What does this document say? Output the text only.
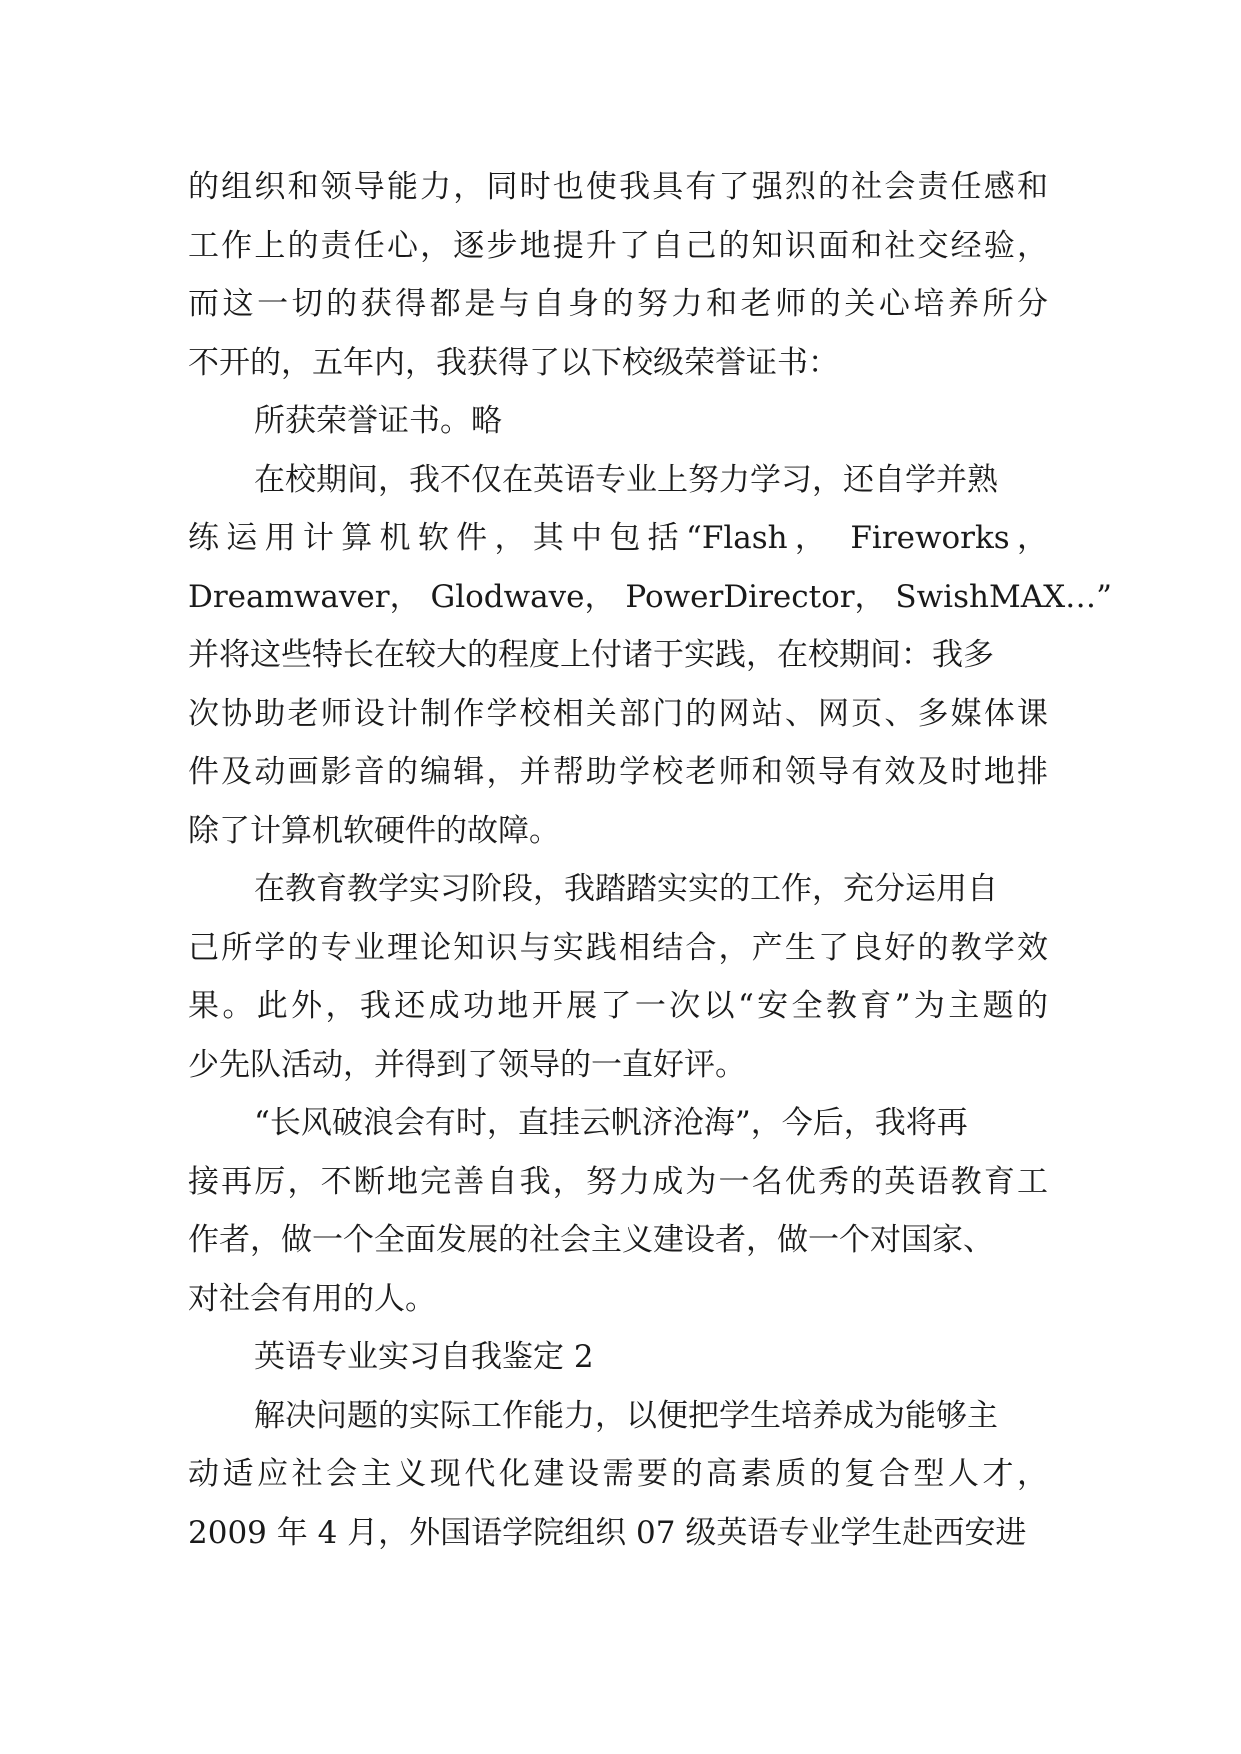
的组织和领导能力，同时也使我具有了强烈的社会责任感和
工作上的责任心，逐步地提升了自己的知识面和社交经验，
而这一切的获得都是与自身的努力和老师的关心培养所分
不开的，五年内，我获得了以下校级荣誉证书：
所获荣誉证书。略
在校期间，我不仅在英语专业上努力学习，还自学并熟
练运用计算机软件，其中包括“Flash， Fireworks，
Dreamwaver， Glodwave， PowerDirector， SwishMAX…”
并将这些特长在较大的程度上付诸于实践，在校期间：我多
次协助老师设计制作学校相关部门的网站、网页、多媒体课
件及动画影音的编辑，并帮助学校老师和领导有效及时地排
除了计算机软硬件的故障。
在教育教学实习阶段，我踏踏实实的工作，充分运用自
己所学的专业理论知识与实践相结合，产生了良好的教学效
果。此外，我还成功地开展了一次以“安全教育”为主题的
少先队活动，并得到了领导的一直好评。
“长风破浪会有时，直挂云帆济沧海”，今后，我将再
接再厉，不断地完善自我，努力成为一名优秀的英语教育工
作者，做一个全面发展的社会主义建设者，做一个对国家、
对社会有用的人。
英语专业实习自我鉴定 2
解决问题的实际工作能力，以便把学生培养成为能够主
动适应社会主义现代化建设需要的高素质的复合型人才，
2009 年 4 月，外国语学院组织 07 级英语专业学生赴西安进
